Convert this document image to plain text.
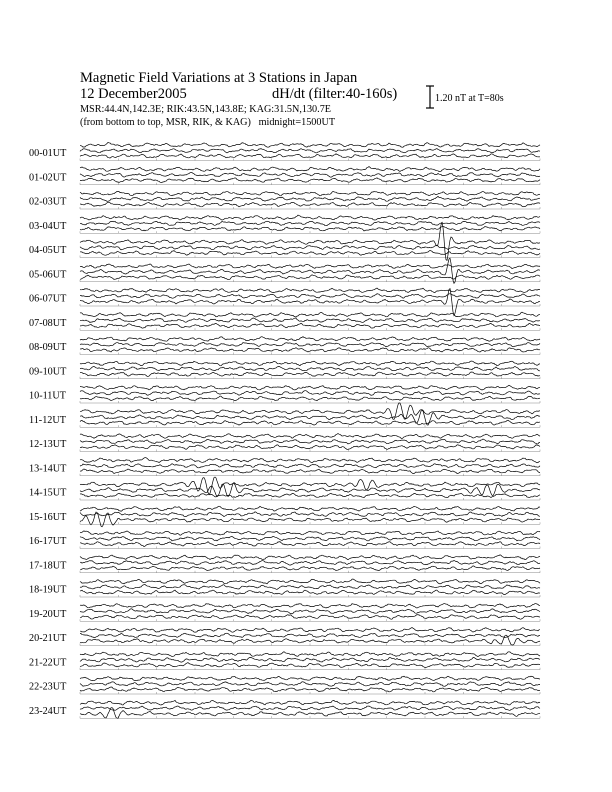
00-01UT
01-02UT
02-03UT
03-04UT
04-05UT
05-06UT
06-07UT
07-08UT
08-09UT
09-10UT
10-11UT
11-12UT
12-13UT
13-14UT
14-15UT
15-16UT
16-17UT
17-18UT
18-19UT
19-20UT
20-21UT
21-22UT
22-23UT
23-24UT
Magnetic Field Variations at 3 Stations in Japan
12 December2005	dH/dt (filter:40-160s)
MSR:44.4N,142.3E; RIK:43.5N,143.8E; KAG:31.5N,130.7E
(from bottom to top, MSR, RIK, & KAG) midnight=1500UT
1.20 nT at T=80s
